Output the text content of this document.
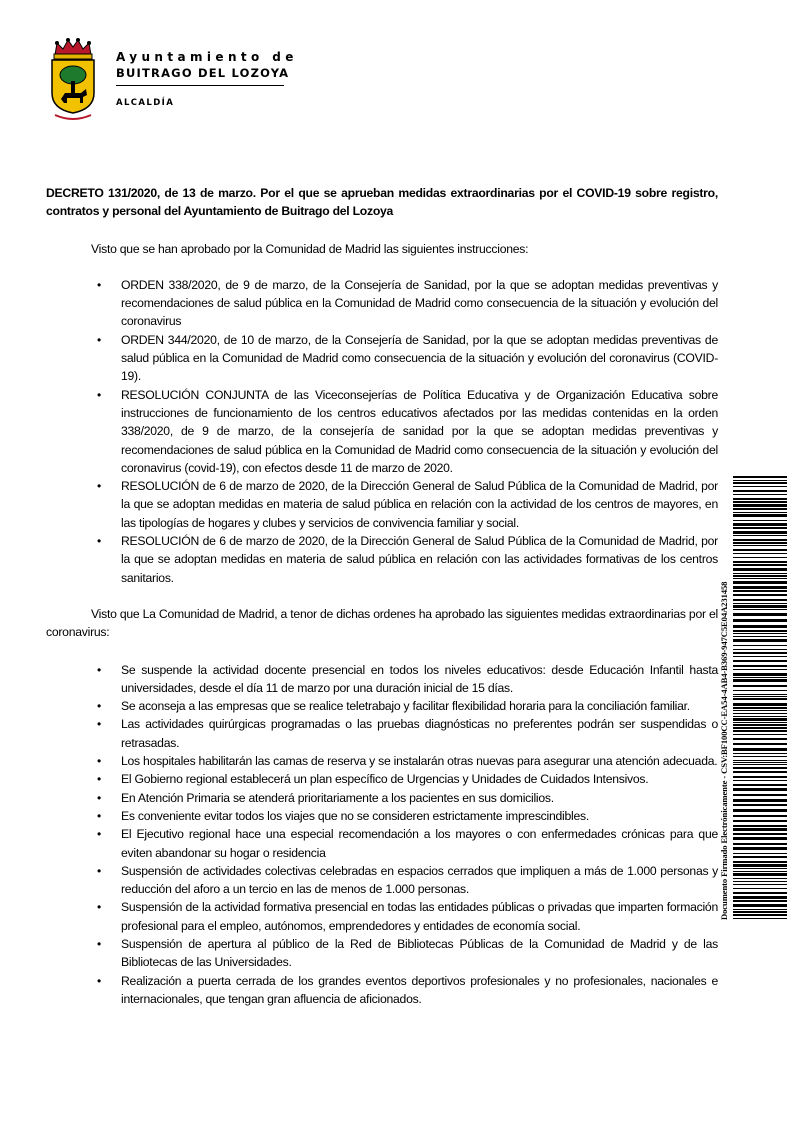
Ayuntamiento de
BUITRAGO DEL LOZOYA
ALCALDÍA

DECRETO 131/2020, de 13 de marzo. Por el que se aprueban medidas extraordinarias por el COVID-19 sobre registro, contratos y personal del Ayuntamiento de Buitrago del Lozoya

Visto que se han aprobado por la Comunidad de Madrid las siguientes instrucciones:

• ORDEN 338/2020, de 9 de marzo, de la Consejería de Sanidad, por la que se adoptan medidas preventivas y recomendaciones de salud pública en la Comunidad de Madrid como consecuencia de la situación y evolución del coronavirus
• ORDEN 344/2020, de 10 de marzo, de la Consejería de Sanidad, por la que se adoptan medidas preventivas de salud pública en la Comunidad de Madrid como consecuencia de la situación y evolución del coronavirus (COVID-19).
• RESOLUCIÓN CONJUNTA de las Viceconsejerías de Política Educativa y de Organización Educativa sobre instrucciones de funcionamiento de los centros educativos afectados por las medidas contenidas en la orden 338/2020, de 9 de marzo, de la consejería de sanidad por la que se adoptan medidas preventivas y recomendaciones de salud pública en la Comunidad de Madrid como consecuencia de la situación y evolución del coronavirus (covid-19), con efectos desde 11 de marzo de 2020.
• RESOLUCIÓN de 6 de marzo de 2020, de la Dirección General de Salud Pública de la Comunidad de Madrid, por la que se adoptan medidas en materia de salud pública en relación con la actividad de los centros de mayores, en las tipologías de hogares y clubes y servicios de convivencia familiar y social.
• RESOLUCIÓN de 6 de marzo de 2020, de la Dirección General de Salud Pública de la Comunidad de Madrid, por la que se adoptan medidas en materia de salud pública en relación con las actividades formativas de los centros sanitarios.

Visto que La Comunidad de Madrid, a tenor de dichas ordenes ha aprobado las siguientes medidas extraordinarias por el coronavirus:

• Se suspende la actividad docente presencial en todos los niveles educativos: desde Educación Infantil hasta universidades, desde el día 11 de marzo por una duración inicial de 15 días.
• Se aconseja a las empresas que se realice teletrabajo y facilitar flexibilidad horaria para la conciliación familiar.
• Las actividades quirúrgicas programadas o las pruebas diagnósticas no preferentes podrán ser suspendidas o retrasadas.
• Los hospitales habilitarán las camas de reserva y se instalarán otras nuevas para asegurar una atención adecuada.
• El Gobierno regional establecerá un plan específico de Urgencias y Unidades de Cuidados Intensivos.
• En Atención Primaria se atenderá prioritariamente a los pacientes en sus domicilios.
• Es conveniente evitar todos los viajes que no se consideren estrictamente imprescindibles.
• El Ejecutivo regional hace una especial recomendación a los mayores o con enfermedades crónicas para que eviten abandonar su hogar o residencia
• Suspensión de actividades colectivas celebradas en espacios cerrados que impliquen a más de 1.000 personas y reducción del aforo a un tercio en las de menos de 1.000 personas.
• Suspensión de la actividad formativa presencial en todas las entidades públicas o privadas que imparten formación profesional para el empleo, autónomos, emprendedores y entidades de economía social.
• Suspensión de apertura al público de la Red de Bibliotecas Públicas de la Comunidad de Madrid y de las Bibliotecas de las Universidades.
• Realización a puerta cerrada de los grandes eventos deportivos profesionales y no profesionales, nacionales e internacionales, que tengan gran afluencia de aficionados.
Documento Firmado Electrónicamente - CSV:BF100CC-EA54-4AB4-B369-947C5E04A231458
